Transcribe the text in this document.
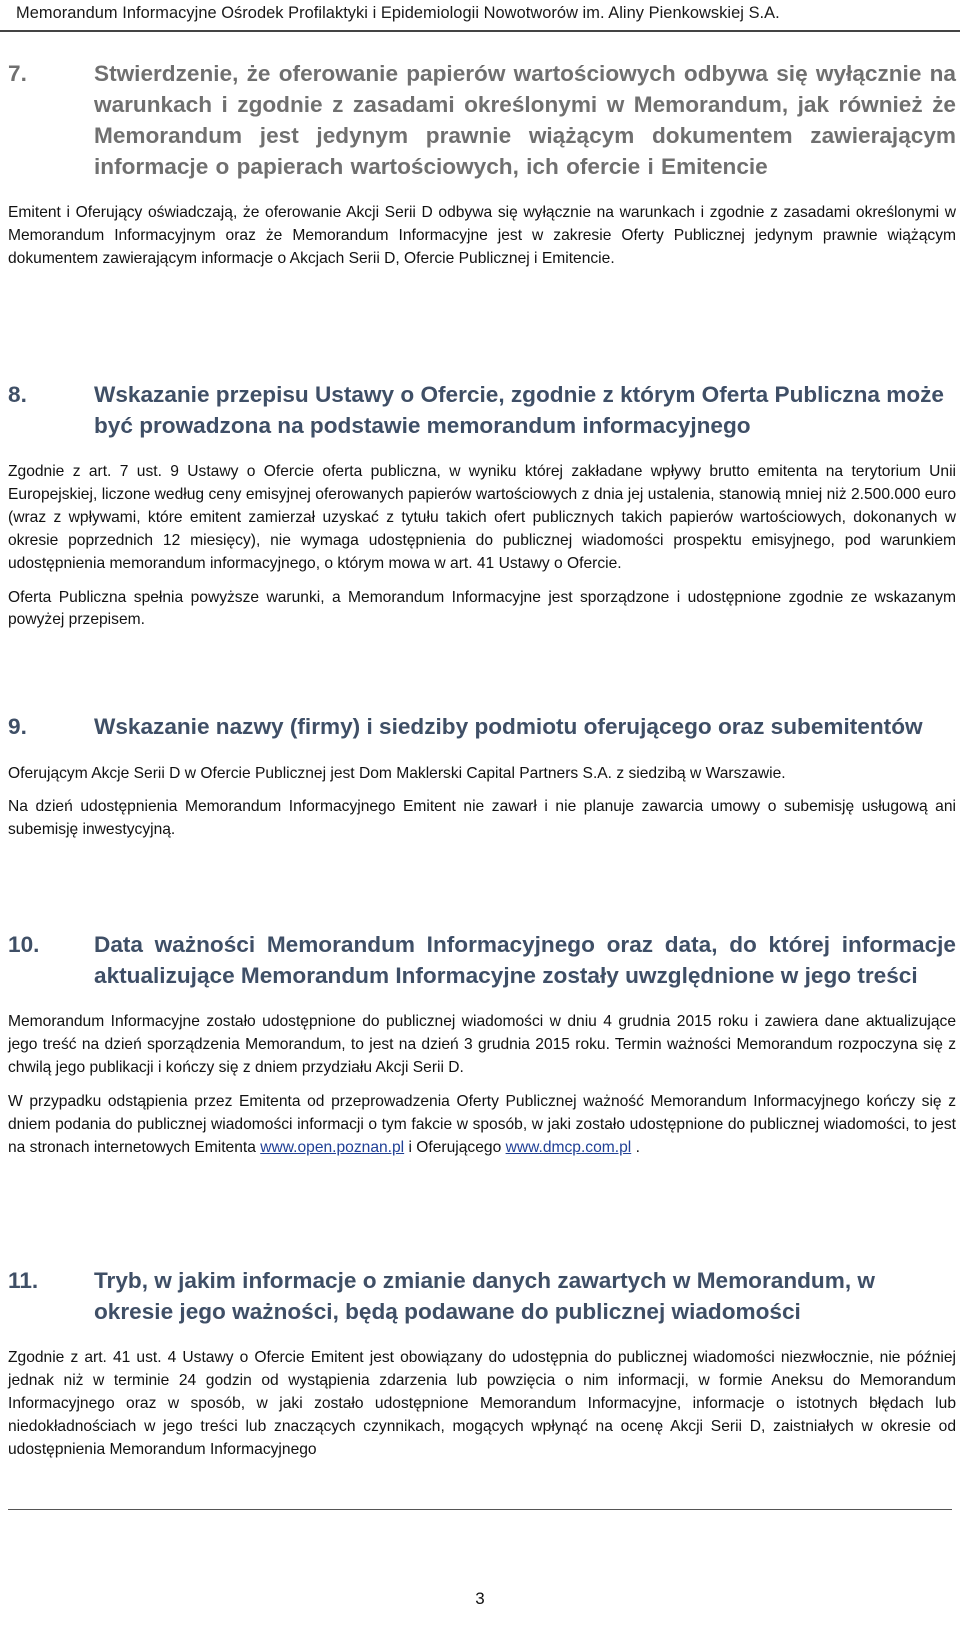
Memorandum Informacyjne Ośrodek Profilaktyki i Epidemiologii Nowotworów im. Aliny Pienkowskiej S.A.
7.	Stwierdzenie, że oferowanie papierów wartościowych odbywa się wyłącznie na warunkach i zgodnie z zasadami określonymi w Memorandum, jak również że Memorandum jest jedynym prawnie wiążącym dokumentem zawierającym informacje o papierach wartościowych, ich ofercie i Emitencie

Emitent i Oferujący oświadczają, że oferowanie Akcji Serii D odbywa się wyłącznie na warunkach i zgodnie z zasadami określonymi w Memorandum Informacyjnym oraz że Memorandum Informacyjne jest w zakresie Oferty Publicznej jedynym prawnie wiążącym dokumentem zawierającym informacje o Akcjach Serii D, Ofercie Publicznej i Emitencie.

8.	Wskazanie przepisu Ustawy o Ofercie, zgodnie z którym Oferta Publiczna może być prowadzona na podstawie memorandum informacyjnego

Zgodnie z art. 7 ust. 9 Ustawy o Ofercie oferta publiczna, w wyniku której zakładane wpływy brutto emitenta na terytorium Unii Europejskiej, liczone według ceny emisyjnej oferowanych papierów wartościowych z dnia jej ustalenia, stanowią mniej niż 2.500.000 euro (wraz z wpływami, które emitent zamierzał uzyskać z tytułu takich ofert publicznych takich papierów wartościowych, dokonanych w okresie poprzednich 12 miesięcy), nie wymaga udostępnienia do publicznej wiadomości prospektu emisyjnego, pod warunkiem udostępnienia memorandum informacyjnego, o którym mowa w art. 41 Ustawy o Ofercie.

Oferta Publiczna spełnia powyższe warunki, a Memorandum Informacyjne jest sporządzone i udostępnione zgodnie ze wskazanym powyżej przepisem.

9.	Wskazanie nazwy (firmy) i siedziby podmiotu oferującego oraz subemitentów

Oferującym Akcje Serii D w Ofercie Publicznej jest Dom Maklerski Capital Partners S.A. z siedzibą w Warszawie.

Na dzień udostępnienia Memorandum Informacyjnego Emitent nie zawarł i nie planuje zawarcia umowy o subemisję usługową ani subemisję inwestycyjną.

10.	Data ważności Memorandum Informacyjnego oraz data, do której informacje aktualizujące Memorandum Informacyjne zostały uwzględnione w jego treści

Memorandum Informacyjne zostało udostępnione do publicznej wiadomości w dniu 4 grudnia 2015 roku i zawiera dane aktualizujące jego treść na dzień sporządzenia Memorandum, to jest na dzień 3 grudnia 2015 roku. Termin ważności Memorandum rozpoczyna się z chwilą jego publikacji i kończy się z dniem przydziału Akcji Serii D.

W przypadku odstąpienia przez Emitenta od przeprowadzenia Oferty Publicznej ważność Memorandum Informacyjnego kończy się z dniem podania do publicznej wiadomości informacji o tym fakcie w sposób, w jaki zostało udostępnione do publicznej wiadomości, to jest na stronach internetowych Emitenta www.open.poznan.pl i Oferującego www.dmcp.com.pl .

11.	Tryb, w jakim informacje o zmianie danych zawartych w Memorandum, w okresie jego ważności, będą podawane do publicznej wiadomości

Zgodnie z art. 41 ust. 4 Ustawy o Ofercie Emitent jest obowiązany do udostępnia do publicznej wiadomości niezwłocznie, nie później jednak niż w terminie 24 godzin od wystąpienia zdarzenia lub powzięcia o nim informacji, w formie Aneksu do Memorandum Informacyjnego oraz w sposób, w jaki zostało udostępnione Memorandum Informacyjne, informacje o istotnych błędach lub niedokładnościach w jego treści lub znaczących czynnikach, mogących wpłynąć na ocenę Akcji Serii D, zaistniałych w okresie od udostępnienia Memorandum Informacyjnego

3
